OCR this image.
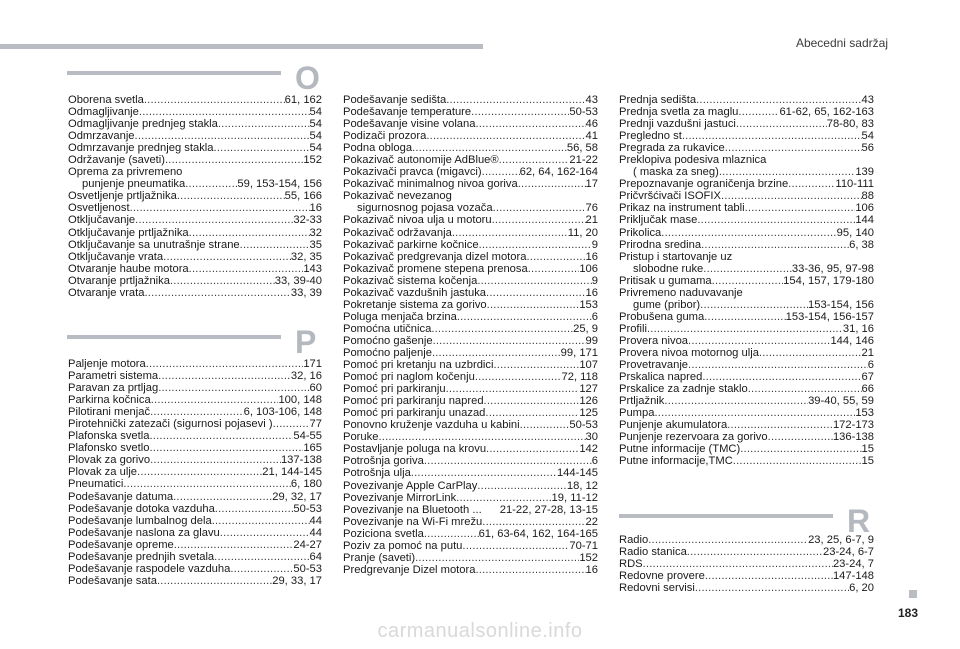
Abecedni sadržaj
O
Oborena svetla .....	61, 162
Odmagljivanje .....	54
Odmagljivanje prednjeg stakla .....	54
Odmrzavanje .....	54
Odmrzavanje prednjeg stakla .....	54
Održavanje (saveti) .....	152
Oprema za privremeno
punjenje pneumatika .....	59, 153-154, 156
Osvetljenje prtljažnika .....	55, 166
Osvetljenost .....	16
Otključavanje .....	32-33
Otključavanje prtljažnika .....	32
Otključavanje sa unutrašnje strane .....	35
Otključavanje vrata .....	32, 35
Otvaranje haube motora .....	143
Otvaranje prtljažnika .....	33, 39-40
Otvaranje vrata .....	33, 39
P
Paljenje motora .....	171
Parametri sistema .....	32, 16
Paravan za prtljag .....	60
Parkirna kočnica .....	100, 148
Pilotirani menjač .....	6, 103-106, 148
Pirotehnički zatezači (sigurnosi pojasevi ) .....	77
Plafonska svetla .....	54-55
Plafonsko svetlo .....	165
Plovak za gorivo .....	137-138
Plovak za ulje .....	21, 144-145
Pneumatici .....	6, 180
Podešavanje datuma .....	29, 32, 17
Podešavanje dotoka vazduha .....	50-53
Podešavanje lumbalnog dela .....	44
Podešavanje naslona za glavu .....	44
Podešavanje opreme .....	24-27
Podešavanje prednjih svetala .....	64
Podešavanje raspodele vazduha .....	50-53
Podešavanje sata .....	29, 33, 17
Podešavanje sedišta .....	43
Podešavanje temperature .....	50-53
Podešavanje visine volana .....	46
Podizači prozora .....	41
Podna obloga .....	56, 58
Pokazivač autonomije AdBlue® .....	21-22
Pokazivači pravca (migavci) .....	62, 64, 162-164
Pokazivač minimalnog nivoa goriva .....	17
Pokazivač nevezanog
sigurnosnog pojasa vozača .....	76
Pokazivač nivoa ulja u motoru .....	21
Pokazivač održavanja .....	11, 20
Pokazivač parkirne kočnice .....	9
Pokazivač predgrevanja dizel motora .....	16
Pokazivač promene stepena prenosa .....	106
Pokazivač sistema kočenja .....	9
Pokazivač vazdušnih jastuka .....	16
Pokretanje sistema za gorivo .....	153
Poluga menjača brzina .....	6
Pomoćna utičnica .....	25, 9
Pomoćno gašenje .....	99
Pomoćno paljenje .....	99, 171
Pomoć pri kretanju na uzbrdici .....	107
Pomoć pri naglom kočenju .....	72, 118
Pomoć pri parkiranju .....	127
Pomoć pri parkiranju napred .....	126
Pomoć pri parkiranju unazad .....	125
Ponovno kruženje vazduha u kabini .....	50-53
Poruke .....	30
Postavljanje poluga na krovu .....	142
Potrošnja goriva .....	6
Potrošnja ulja .....	144-145
Povezivanje Apple CarPlay .....	18, 12
Povezivanje MirrorLink .....	19, 11-12
Povezivanje na Bluetooth ... 21-22, 27-28, 13-15
Povezivanje na Wi-Fi mrežu .....	22
Poziciona svetla .....	61, 63-64, 162, 164-165
Poziv za pomoć na putu .....	70-71
Pranje (saveti) .....	152
Predgrevanje Dizel motora .....	16
Prednja sedišta .....	43
Prednja svetla za maglu .....	61-62, 65, 162-163
Prednji vazdušni jastuci .....	78-80, 83
Pregledno st .....	54
Pregrada za rukavice .....	56
Preklopiva podesiva mlaznica
( maska za sneg) .....	139
Prepoznavanje ograničenja brzine .....	110-111
Pričvršćivači ISOFIX .....	88
Prikaz na instrument tabli .....	106
Priključak mase .....	144
Prikolica .....	95, 140
Prirodna sredina .....	6, 38
Pristup i startovanje uz
slobodne ruke .....	33-36, 95, 97-98
Pritisak u gumama .....	154, 157, 179-180
Privremeno naduvavanje
gume (pribor) .....	153-154, 156
Probušena guma .....	153-154, 156-157
Profili .....	31, 16
Provera nivoa .....	144, 146
Provera nivoa motornog ulja .....	21
Provetravanje .....	6
Prskalica napred .....	67
Prskalice za zadnje staklo .....	66
Prtljažnik .....	39-40, 55, 59
Pumpa .....	153
Punjenje akumulatora .....	172-173
Punjenje rezervoara za gorivo .....	136-138
Putne informacije (TMC) .....	15
Putne informacije,TMC .....	15
R
Radio .....	23, 25, 6-7, 9
Radio stanica .....	23-24, 6-7
RDS .....	23-24, 7
Redovne provere .....	147-148
Redovni servisi .....	6, 20
183
carmanualsonline.info
